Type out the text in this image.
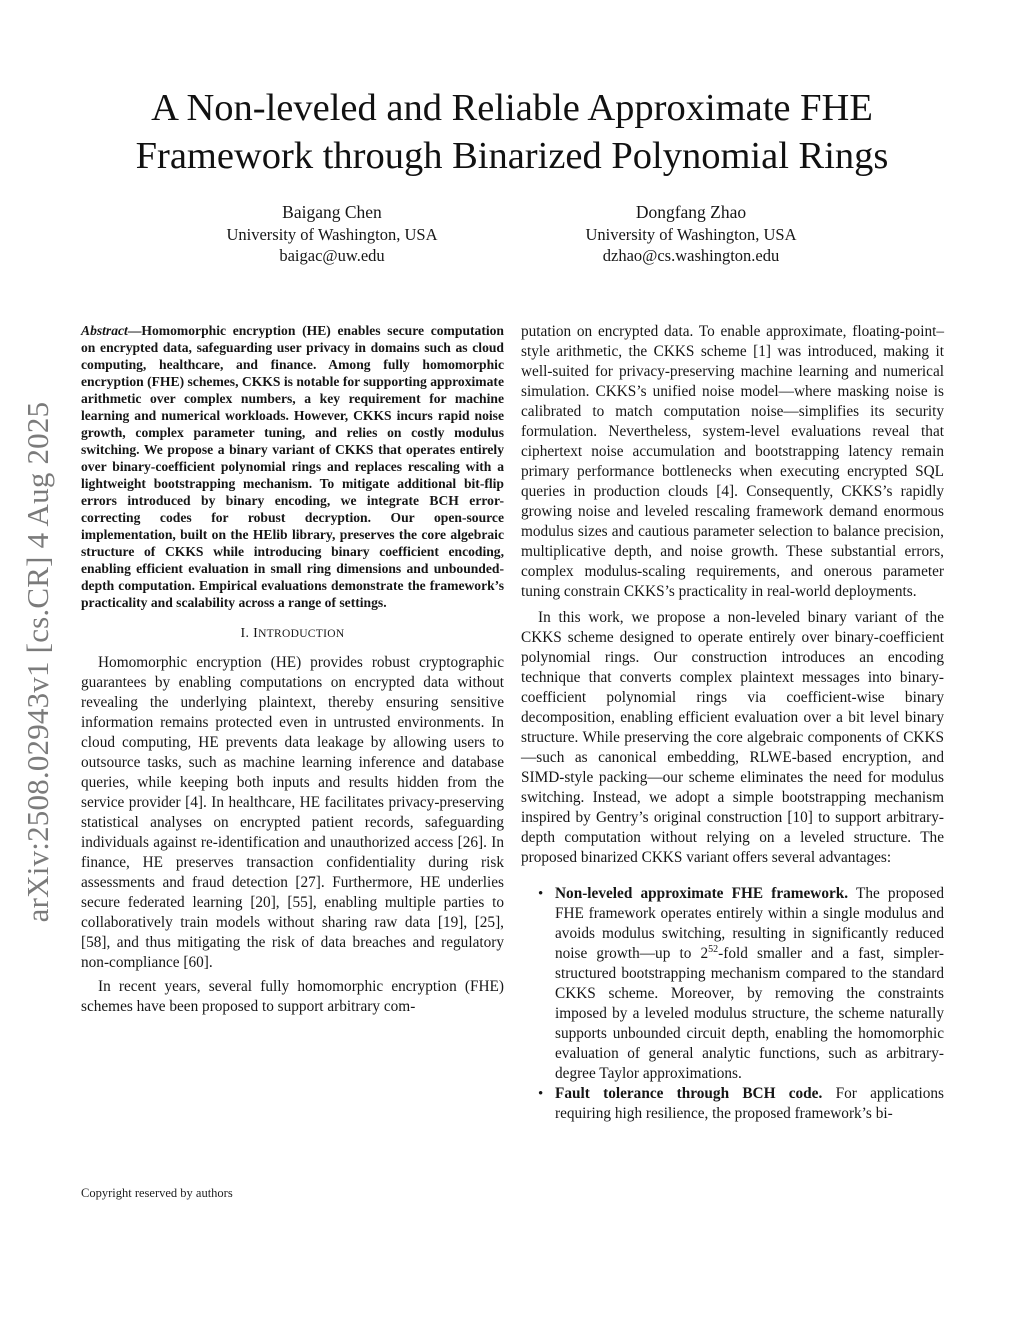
arXiv:2508.02943v1 [cs.CR] 4 Aug 2025
A Non-leveled and Reliable Approximate FHE
Framework through Binarized Polynomial Rings
Baigang Chen
University of Washington, USA
baigac@uw.edu
Dongfang Zhao
University of Washington, USA
dzhao@cs.washington.edu

Abstract—Homomorphic encryption (HE) enables secure computation on encrypted data, safeguarding user privacy in domains such as cloud computing, healthcare, and finance. Among fully homomorphic encryption (FHE) schemes, CKKS is notable for supporting approximate arithmetic over complex numbers, a key requirement for machine learning and numerical workloads. However, CKKS incurs rapid noise growth, complex parameter tuning, and relies on costly modulus switching. We propose a binary variant of CKKS that operates entirely over binary-coefficient polynomial rings and replaces rescaling with a lightweight bootstrapping mechanism. To mitigate additional bit-flip errors introduced by binary encoding, we integrate BCH error-correcting codes for robust decryption. Our open-source implementation, built on the HElib library, preserves the core algebraic structure of CKKS while introducing binary coefficient encoding, enabling efficient evaluation in small ring dimensions and unbounded-depth computation. Empirical evaluations demonstrate the framework’s practicality and scalability across a range of settings.

I. INTRODUCTION

Homomorphic encryption (HE) provides robust cryptographic guarantees by enabling computations on encrypted data without revealing the underlying plaintext, thereby ensuring sensitive information remains protected even in untrusted environments. In cloud computing, HE prevents data leakage by allowing users to outsource tasks, such as machine learning inference and database queries, while keeping both inputs and results hidden from the service provider [4]. In healthcare, HE facilitates privacy-preserving statistical analyses on encrypted patient records, safeguarding individuals against re-identification and unauthorized access [26]. In finance, HE preserves transaction confidentiality during risk assessments and fraud detection [27]. Furthermore, HE underlies secure federated learning [20], [55], enabling multiple parties to collaboratively train models without sharing raw data [19], [25], [58], and thus mitigating the risk of data breaches and regulatory non-compliance [60].

In recent years, several fully homomorphic encryption (FHE) schemes have been proposed to support arbitrary com-

putation on encrypted data. To enable approximate, floating-point–style arithmetic, the CKKS scheme [1] was introduced, making it well-suited for privacy-preserving machine learning and numerical simulation. CKKS’s unified noise model—where masking noise is calibrated to match computation noise—simplifies its security formulation. Nevertheless, system-level evaluations reveal that ciphertext noise accumulation and bootstrapping latency remain primary performance bottlenecks when executing encrypted SQL queries in production clouds [4]. Consequently, CKKS’s rapidly growing noise and leveled rescaling framework demand enormous modulus sizes and cautious parameter selection to balance precision, multiplicative depth, and noise growth. These substantial errors, complex modulus-scaling requirements, and onerous parameter tuning constrain CKKS’s practicality in real-world deployments.

In this work, we propose a non-leveled binary variant of the CKKS scheme designed to operate entirely over binary-coefficient polynomial rings. Our construction introduces an encoding technique that converts complex plaintext messages into binary-coefficient polynomial rings via coefficient-wise binary decomposition, enabling efficient evaluation over a bit level binary structure. While preserving the core algebraic components of CKKS—such as canonical embedding, RLWE-based encryption, and SIMD-style packing—our scheme eliminates the need for modulus switching. Instead, we adopt a simple bootstrapping mechanism inspired by Gentry’s original construction [10] to support arbitrary-depth computation without relying on a leveled structure. The proposed binarized CKKS variant offers several advantages:

• Non-leveled approximate FHE framework. The proposed FHE framework operates entirely within a single modulus and avoids modulus switching, resulting in significantly reduced noise growth—up to $2^{52}$-fold smaller and a fast, simpler-structured bootstrapping mechanism compared to the standard CKKS scheme. Moreover, by removing the constraints imposed by a leveled modulus structure, the scheme naturally supports unbounded circuit depth, enabling the homomorphic evaluation of general analytic functions, such as arbitrary-degree Taylor approximations.
• Fault tolerance through BCH code. For applications requiring high resilience, the proposed framework’s bi-
Copyright reserved by authors
